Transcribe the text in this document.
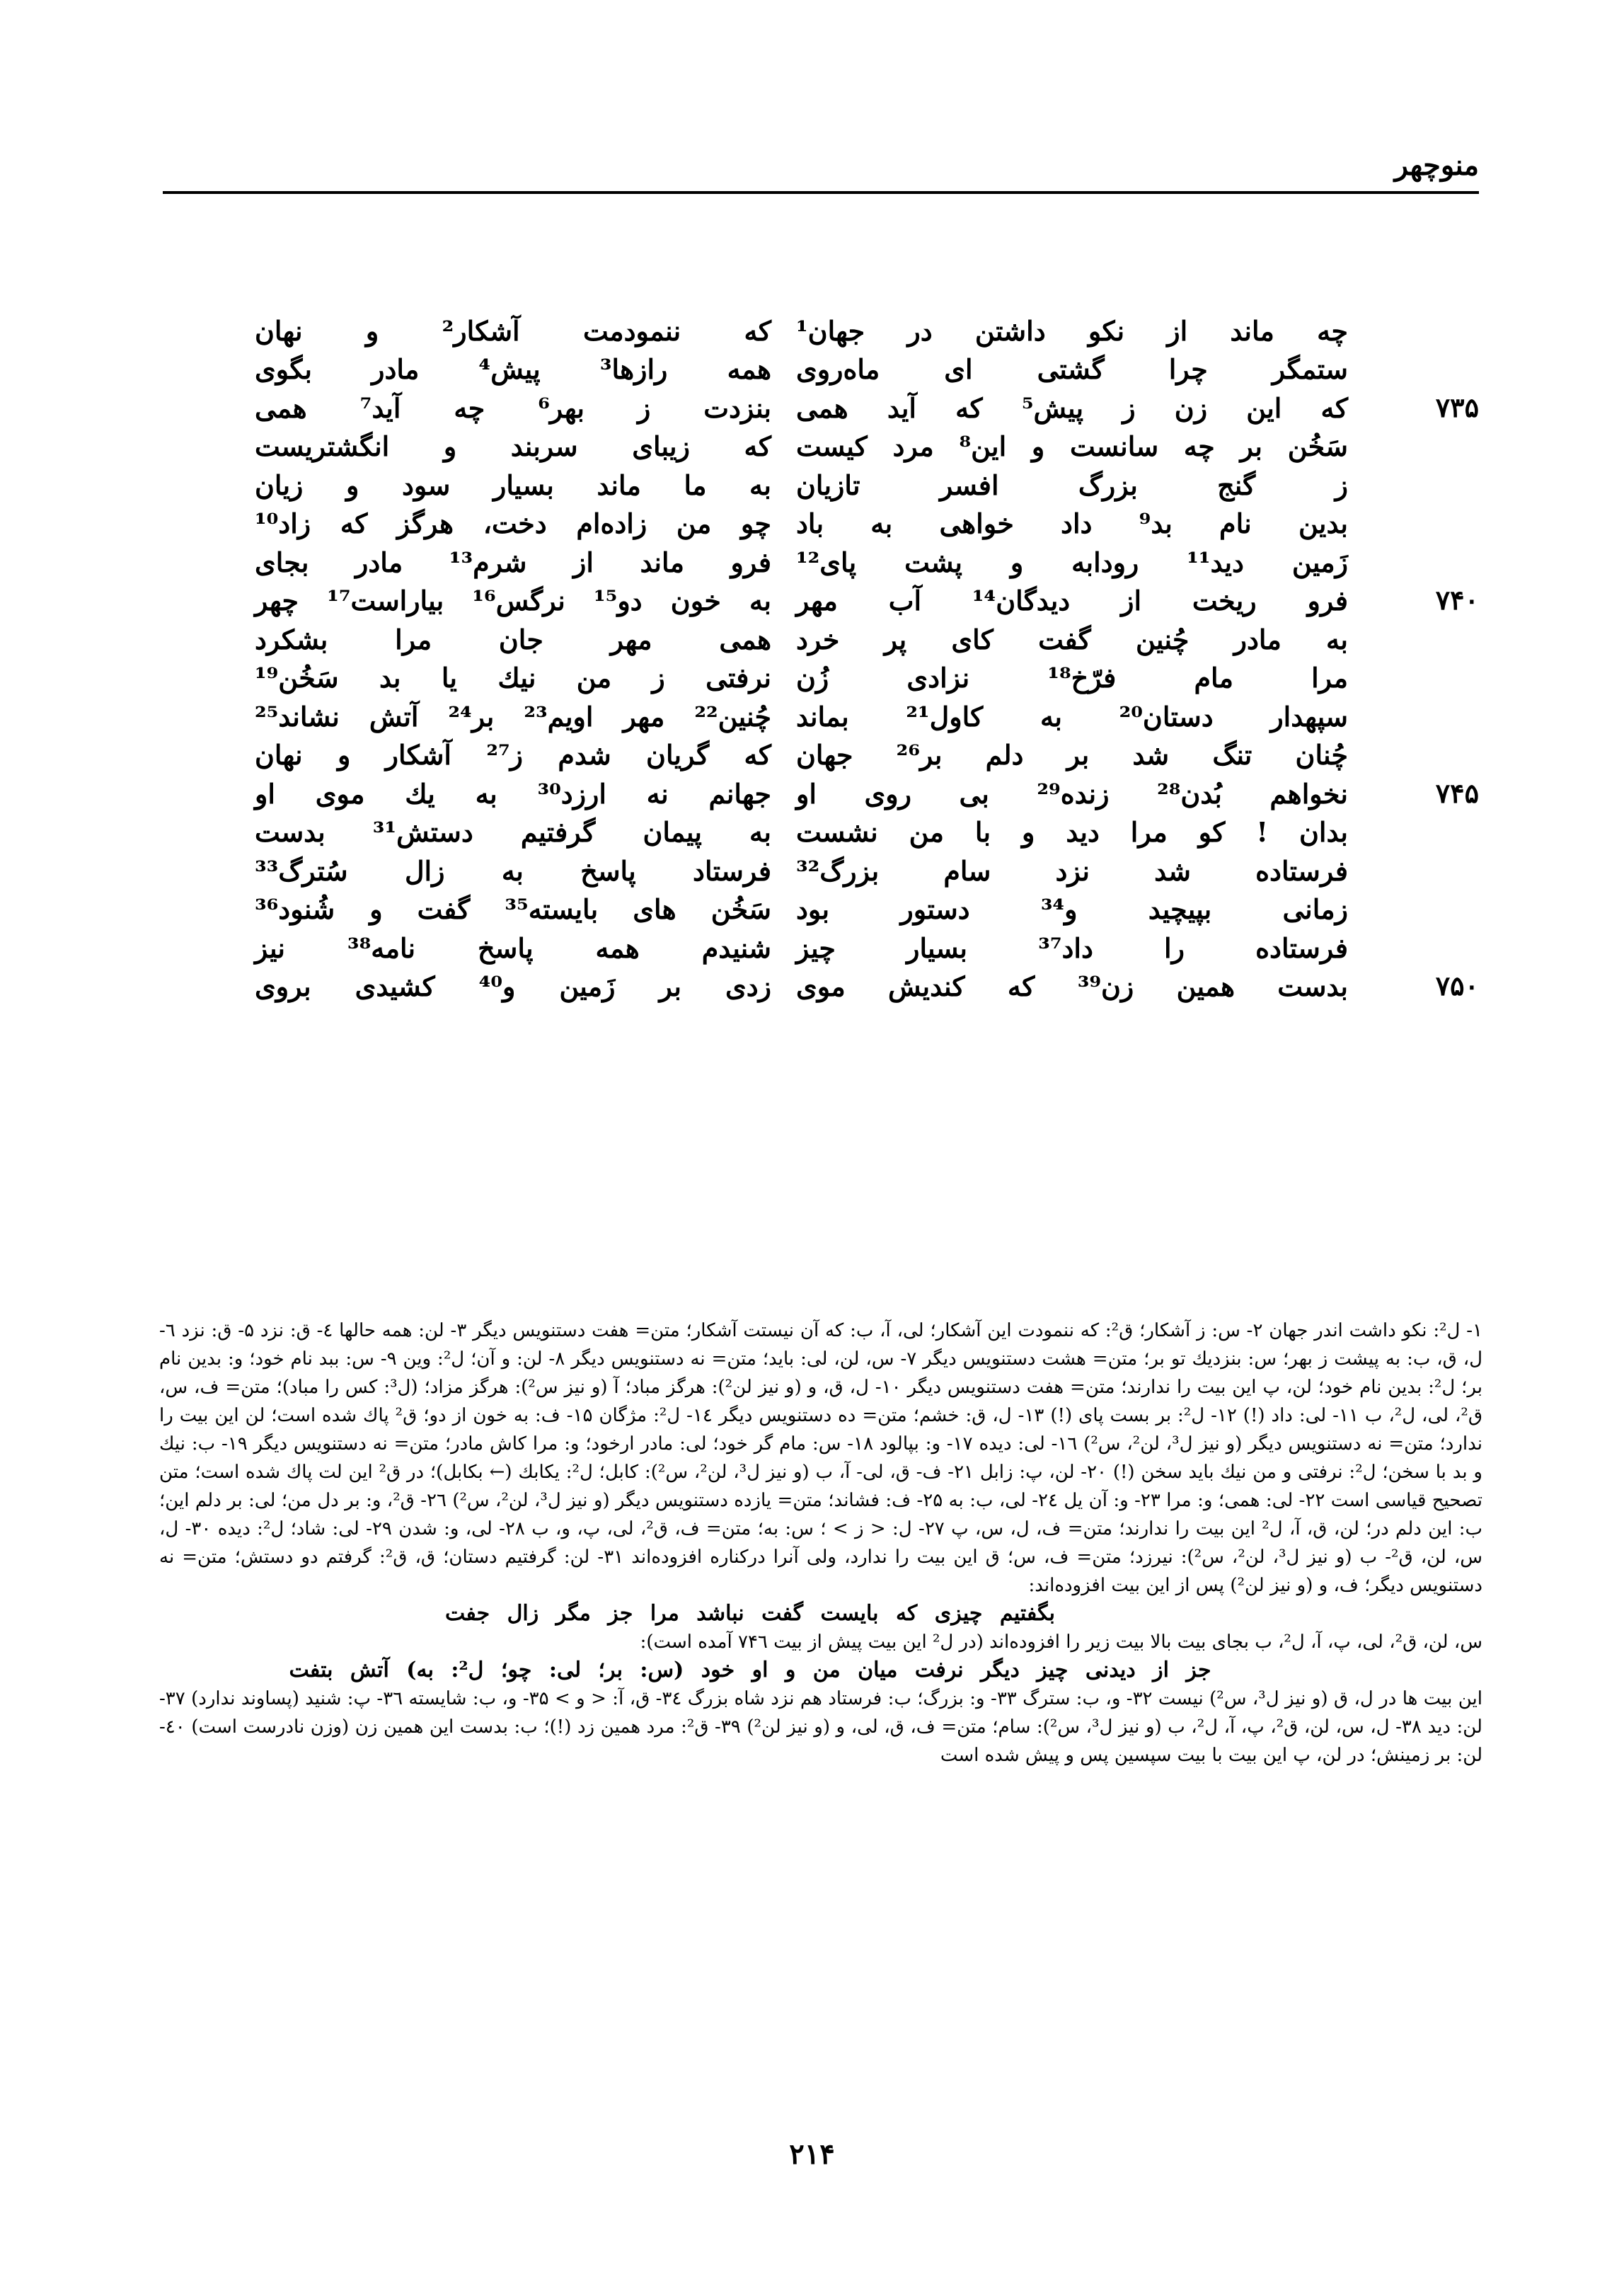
منوچهر
چه ماند از نکو داشتن در جهان¹
که ننمودمت آشکار² و نهان
ستمگر چرا گشتی ای ماه‌روی
همه رازها³ پیش⁴ مادر بگوی
۷۳۵
که این زن ز پیش⁵ که آید همی
بنزدت ز بهر⁶ چه آید⁷ همی
سَخُن بر چه سانست و این⁸ مرد کیست
که زیبای سربند و انگشتریست
ز گنج بزرگ افسر تازیان
به ما ماند بسیار سود و زیان
بدین نام بد⁹ داد خواهی به باد
چو من زاده‌ام دخت، هرگز که زاد¹⁰
زَمین دید¹¹ رودابه و پشت پای¹²
فرو ماند از شرم¹³ مادر بجای
۷۴۰
فرو ریخت از دیدگان¹⁴ آب مهر
به خون دو¹⁵ نرگس¹⁶ بیاراست¹⁷ چهر
به مادر چُنین گفت کای پر خرد
همی مهر جان مرا بشکرد
مرا مام فرّخ¹⁸ نزادی زُن
نرفتی ز من نیك یا بد سَخُن¹⁹
سپهدار دستان²⁰ به کاول²¹ بماند
چُنین²² مهر اویم²³ بر²⁴ آتش نشاند²⁵
چُنان تنگ شد بر دلم بر²⁶ جهان
که گریان شدم ز²⁷ آشکار و نهان
۷۴۵
نخواهم بُدن²⁸ زنده²⁹ بی روی او
جهانم نه ارزد³⁰ به یك موی او
بدان ! کو مرا دید و با من نشست
به پیمان گرفتیم دستش³¹ بدست
فرستاده شد نزد سام بزرگ³²
فرستاد پاسخ به زال سُترگ³³
زمانی بپیچید و³⁴ دستور بود
سَخُن های بایسته³⁵ گفت و شُنود³⁶
فرستاده را داد³⁷ بسیار چیز
شنیدم همه پاسخ نامه³⁸ نیز
۷۵۰
بدست همین زن³⁹ که کندیش موی
زدی بر زَمین و⁴⁰ کشیدی بروی

۱- ل²: نکو داشت اندر جهان ۲- س: ز آشکار؛ ق²: که ننمودت این آشکار؛ لی، آ، ب: که آن نیستت آشکار؛ متن= هفت دستنویس دیگر ۳- لن: همه حالها ٤- ق: نزد ۵- ق: نزد ٦- ل، ق، ب: به پیشت ز بهر؛ س: بنزدیك تو بر؛ متن= هشت دستنویس دیگر ۷- س، لن، لی: باید؛ متن= نه دستنویس دیگر ۸- لن: و آن؛ ل²: وین ۹- س: ببد نام خود؛ و: بدین نام بر؛ ل²: بدین نام خود؛ لن، پ این بیت را ندارند؛ متن= هفت دستنویس دیگر ۱۰- ل، ق، و (و نیز لن²): هرگز مباد؛ آ (و نیز س²): هرگز مزاد؛ (ل³: کس را مباد)؛ متن= ف، س، ق²، لی، ل²، ب ۱۱- لی: داد (!) ۱۲- ل²: بر بست پای (!) ۱۳- ل، ق: خشم؛ متن= ده دستنویس دیگر ۱٤- ل²: مژگان ۱۵- ف: به خون از دو؛ ق² پاك شده است؛ لن این بیت را ندارد؛ متن= نه دستنویس دیگر (و نیز ل³، لن²، س²) ۱٦- لی: دیده ۱۷- و: بپالود ۱۸- س: مام گر خود؛ لی: مادر ارخود؛ و: مرا کاش مادر؛ متن= نه دستنویس دیگر ۱۹- ب: نیك و بد با سخن؛ ل²: نرفتی و من نیك باید سخن (!) ۲۰- لن، پ: زابل ۲۱- ف- ق، لی- آ، ب (و نیز ل³، لن²، س²): کابل؛ ل²: یکابك (← بکابل)؛ در ق² این لت پاك شده است؛ متن تصحیح قیاسی است ۲۲- لی: همی؛ و: مرا ۲۳- و: آن یل ۲٤- لی، ب: به ۲۵- ف: فشاند؛ متن= یازده دستنویس دیگر (و نیز ل³، لن²، س²) ۲٦- ق²، و: بر دل من؛ لی: بر دلم این؛ ب: این دلم در؛ لن، ق، آ، ل² این بیت را ندارند؛ متن= ف، ل، س، پ ۲۷- ل: < ز > ؛ س: به؛ متن= ف، ق²، لی، پ، و، ب ۲۸- لی، و: شدن ۲۹- لی: شاد؛ ل²: دیده ۳۰- ل، س، لن، ق²- ب (و نیز ل³، لن²، س²): نیرزد؛ متن= ف، س؛ ق این بیت را ندارد، ولی آنرا درکناره افزوده‌اند ۳۱- لن: گرفتیم دستان؛ ق، ق²: گرفتم دو دستش؛ متن= نه دستنویس دیگر؛ ف، و (و نیز لن²) پس از این بیت افزوده‌اند:

بگفتیم چیزی که بایست گفت نباشد مرا جز مگر زال جفت

س، لن، ق²، لی، پ، آ، ل²، ب بجای بیت بالا بیت زیر را افزوده‌اند (در ل² این بیت پیش از بیت ۷۴٦ آمده است):

جز از دیدنی چیز دیگر نرفت میان من و او خود (س: بر؛ لی: چو؛ ل²: به) آتش بتفت

این بیت ها در ل، ق (و نیز ل³، س²) نیست ۳۲- و، ب: سترگ ۳۳- و: بزرگ؛ ب: فرستاد هم نزد شاه بزرگ ۳٤- ق، آ: < و > ۳۵- و، ب: شایسته ۳٦- پ: شنید (پساوند ندارد) ۳۷- لن: دید ۳۸- ل، س، لن، ق²، پ، آ، ل²، ب (و نیز ل³، س²): سام؛ متن= ف، ق، لی، و (و نیز لن²) ۳۹- ق²: مرد همین زد (!)؛ ب: بدست این همین زن (وزن نادرست است) ٤۰- لن: بر زمینش؛ در لن، پ این بیت با بیت سپسین پس و پیش شده است

۲۱۴
